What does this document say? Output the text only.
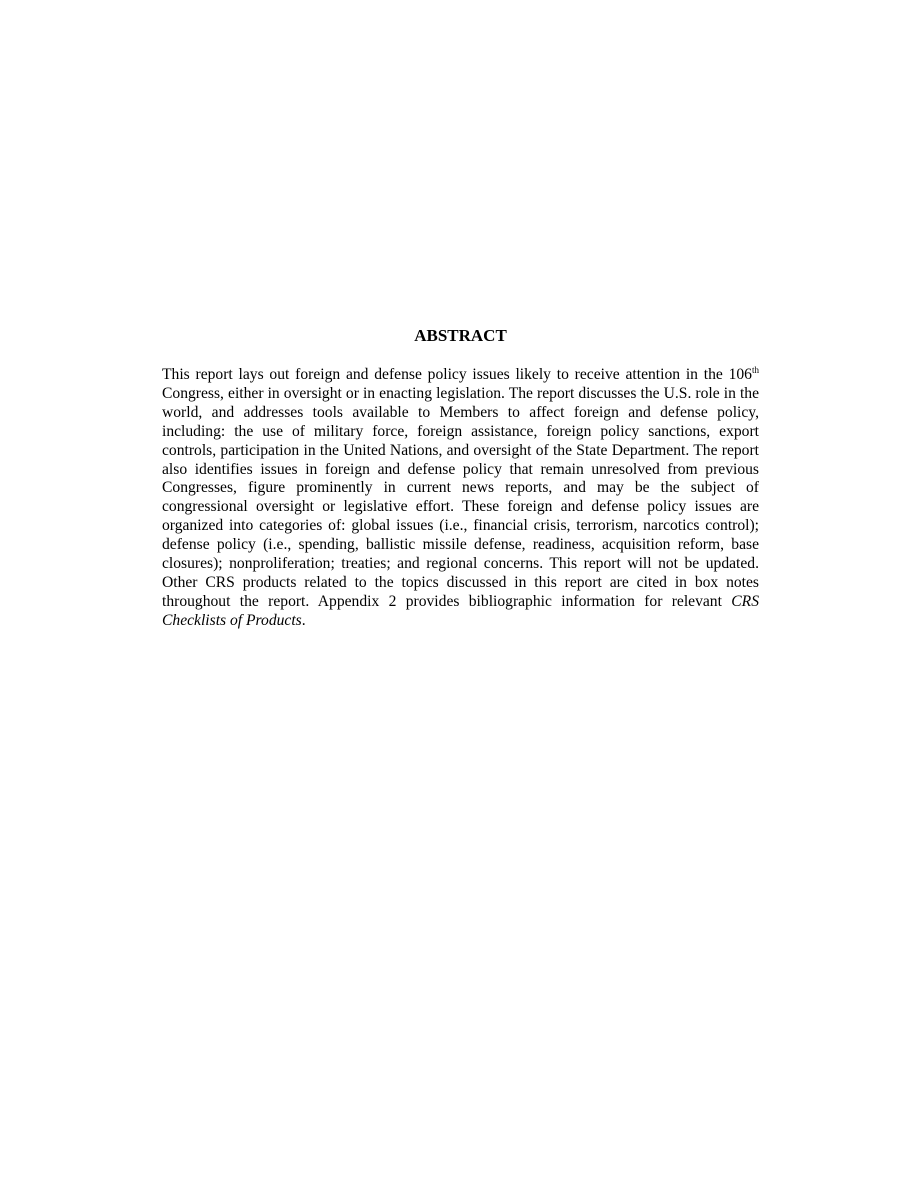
ABSTRACT

This report lays out foreign and defense policy issues likely to receive attention in the 106th Congress, either in oversight or in enacting legislation. The report discusses the U.S. role in the world, and addresses tools available to Members to affect foreign and defense policy, including: the use of military force, foreign assistance, foreign policy sanctions, export controls, participation in the United Nations, and oversight of the State Department. The report also identifies issues in foreign and defense policy that remain unresolved from previous Congresses, figure prominently in current news reports, and may be the subject of congressional oversight or legislative effort. These foreign and defense policy issues are organized into categories of: global issues (i.e., financial crisis, terrorism, narcotics control); defense policy (i.e., spending, ballistic missile defense, readiness, acquisition reform, base closures); nonproliferation; treaties; and regional concerns. This report will not be updated. Other CRS products related to the topics discussed in this report are cited in box notes throughout the report. Appendix 2 provides bibliographic information for relevant CRS Checklists of Products.
